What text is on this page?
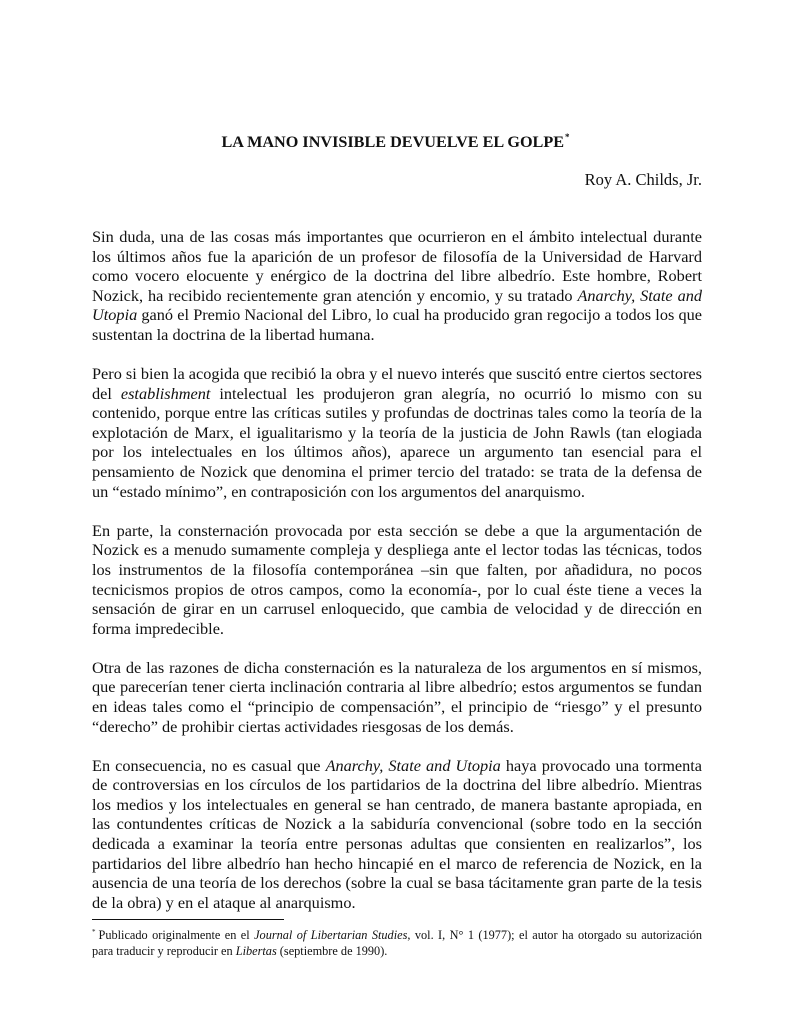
LA MANO INVISIBLE DEVUELVE EL GOLPE*
Roy A. Childs, Jr.

Sin duda, una de las cosas más importantes que ocurrieron en el ámbito intelectual durante los últimos años fue la aparición de un profesor de filosofía de la Universidad de Harvard como vocero elocuente y enérgico de la doctrina del libre albedrío. Este hombre, Robert Nozick, ha recibido recientemente gran atención y encomio, y su tratado Anarchy, State and Utopia ganó el Premio Nacional del Libro, lo cual ha producido gran regocijo a todos los que sustentan la doctrina de la libertad humana.

Pero si bien la acogida que recibió la obra y el nuevo interés que suscitó entre ciertos sectores del establishment intelectual les produjeron gran alegría, no ocurrió lo mismo con su contenido, porque entre las críticas sutiles y profundas de doctrinas tales como la teoría de la explotación de Marx, el igualitarismo y la teoría de la justicia de John Rawls (tan elogiada por los intelectuales en los últimos años), aparece un argumento tan esencial para el pensamiento de Nozick que denomina el primer tercio del tratado: se trata de la defensa de un “estado mínimo”, en contraposición con los argumentos del anarquismo.

En parte, la consternación provocada por esta sección se debe a que la argumentación de Nozick es a menudo sumamente compleja y despliega ante el lector todas las técnicas, todos los instrumentos de la filosofía contemporánea –sin que falten, por añadidura, no pocos tecnicismos propios de otros campos, como la economía-, por lo cual éste tiene a veces la sensación de girar en un carrusel enloquecido, que cambia de velocidad y de dirección en forma impredecible.

Otra de las razones de dicha consternación es la naturaleza de los argumentos en sí mismos, que parecerían tener cierta inclinación contraria al libre albedrío; estos argumentos se fundan en ideas tales como el “principio de compensación”, el principio de “riesgo” y el presunto “derecho” de prohibir ciertas actividades riesgosas de los demás.

En consecuencia, no es casual que Anarchy, State and Utopia haya provocado una tormenta de controversias en los círculos de los partidarios de la doctrina del libre albedrío. Mientras los medios y los intelectuales en general se han centrado, de manera bastante apropiada, en las contundentes críticas de Nozick a la sabiduría convencional (sobre todo en la sección dedicada a examinar la teoría entre personas adultas que consienten en realizarlos”, los partidarios del libre albedrío han hecho hincapié en el marco de referencia de Nozick, en la ausencia de una teoría de los derechos (sobre la cual se basa tácitamente gran parte de la tesis de la obra) y en el ataque al anarquismo.

* Publicado originalmente en el Journal of Libertarian Studies, vol. I, N° 1 (1977); el autor ha otorgado su autorización para traducir y reproducir en Libertas (septiembre de 1990).
